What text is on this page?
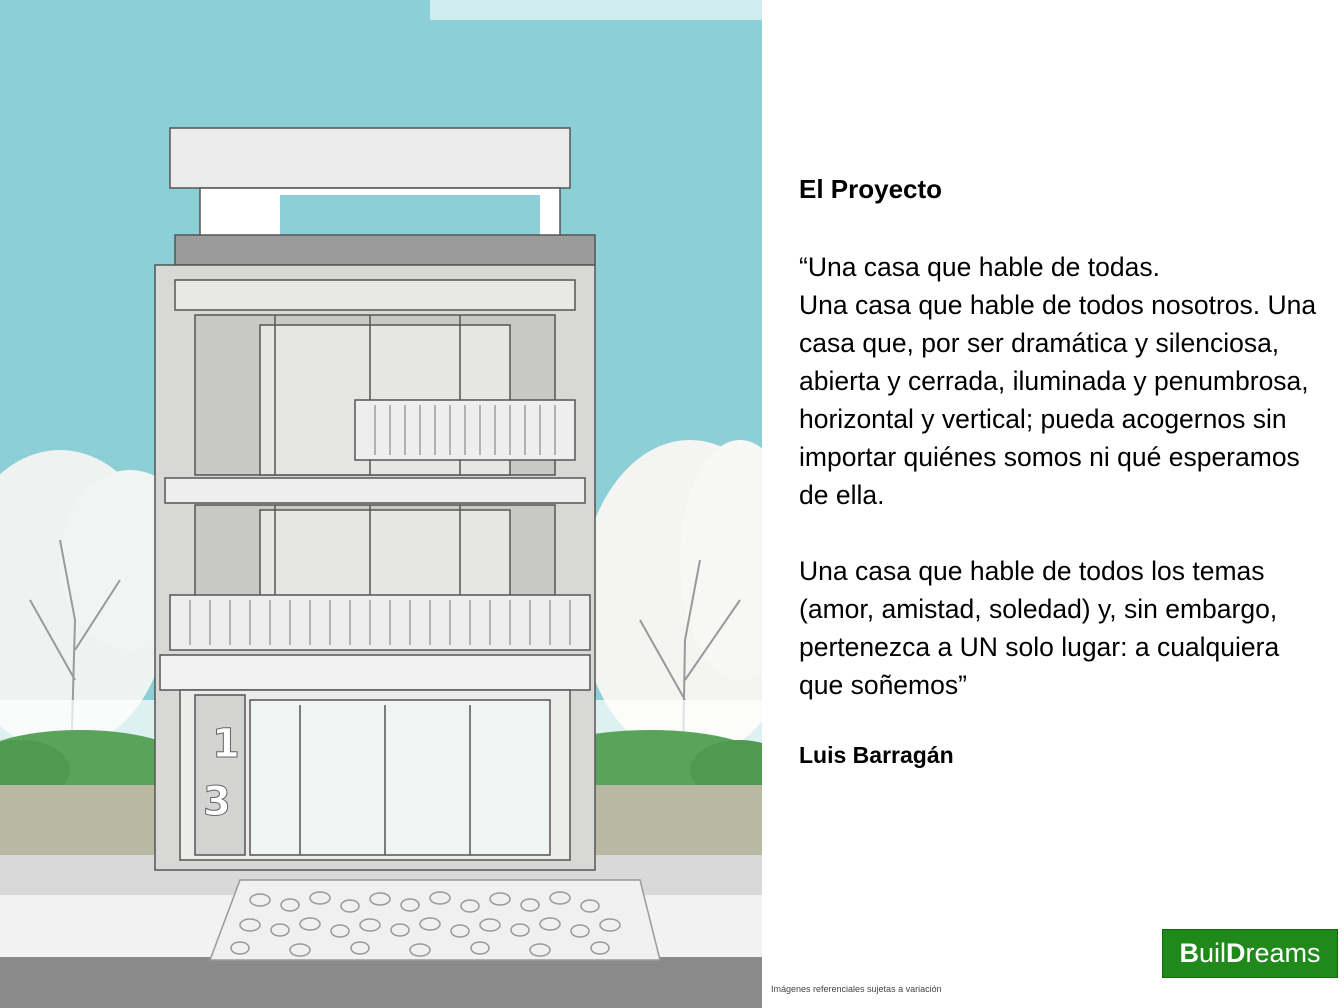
1
3
El Proyecto
“Una casa que hable de todas.
Una casa que hable de todos nosotros. Una casa que, por ser dramática y silenciosa, abierta y cerrada, iluminada y penumbrosa, horizontal y vertical; pueda acogernos sin importar quiénes somos ni qué esperamos de ella.
Una casa que hable de todos los temas (amor, amistad, soledad) y, sin embargo, pertenezca a UN solo lugar: a cualquiera que soñemos”
Luis Barragán
BuilDreams
Imágenes referenciales sujetas a variación
